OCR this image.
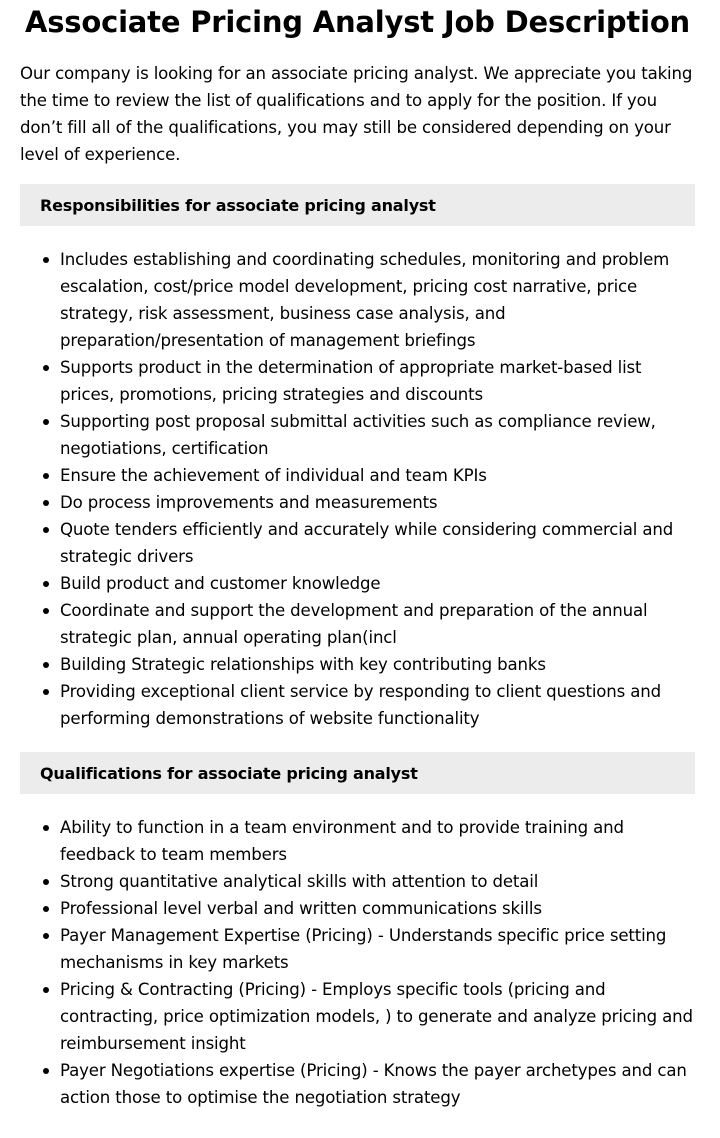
Associate Pricing Analyst Job Description

Our company is looking for an associate pricing analyst. We appreciate you taking the time to review the list of qualifications and to apply for the position. If you don’t fill all of the qualifications, you may still be considered depending on your level of experience.

Responsibilities for associate pricing analyst
Includes establishing and coordinating schedules, monitoring and problem escalation, cost/price model development, pricing cost narrative, price strategy, risk assessment, business case analysis, and preparation/presentation of management briefings
Supports product in the determination of appropriate market-based list prices, promotions, pricing strategies and discounts
Supporting post proposal submittal activities such as compliance review, negotiations, certification
Ensure the achievement of individual and team KPIs
Do process improvements and measurements
Quote tenders efficiently and accurately while considering commercial and strategic drivers
Build product and customer knowledge
Coordinate and support the development and preparation of the annual strategic plan, annual operating plan(incl
Building Strategic relationships with key contributing banks
Providing exceptional client service by responding to client questions and performing demonstrations of website functionality
Qualifications for associate pricing analyst
Ability to function in a team environment and to provide training and feedback to team members
Strong quantitative analytical skills with attention to detail
Professional level verbal and written communications skills
Payer Management Expertise (Pricing) - Understands specific price setting mechanisms in key markets
Pricing & Contracting (Pricing) - Employs specific tools (pricing and contracting, price optimization models, ) to generate and analyze pricing and reimbursement insight
Payer Negotiations expertise (Pricing) - Knows the payer archetypes and can action those to optimise the negotiation strategy
